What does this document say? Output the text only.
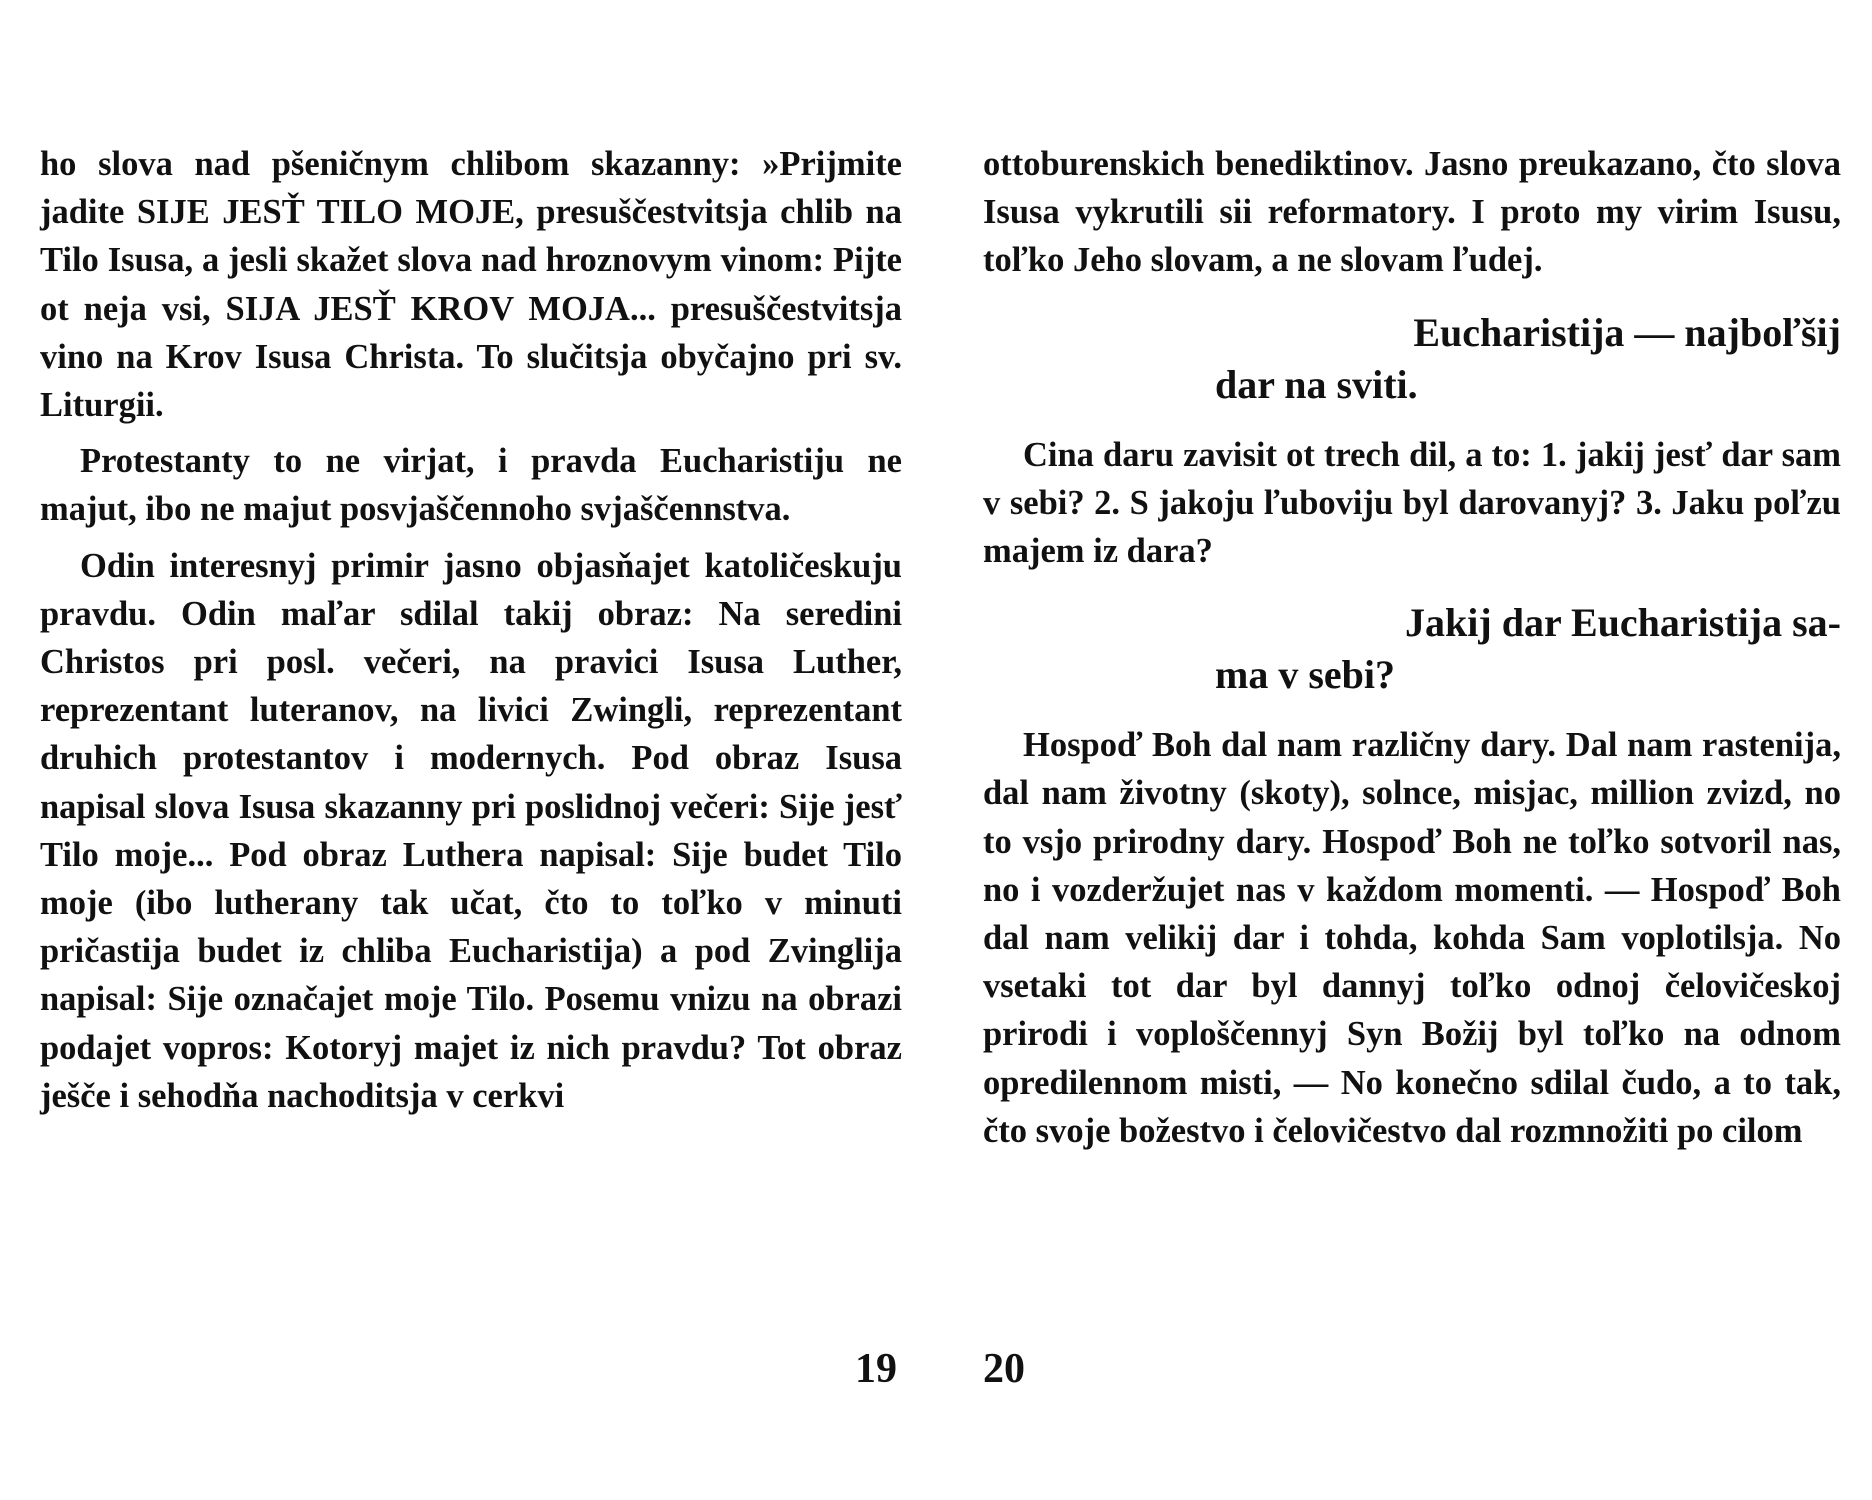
ho slova nad pšeničnym chlibom skazanny: »Prijmite jadite SIJE JESŤ TILO MOJE, presuščestvitsja chlib na Tilo Isusa, a jesli skažet slova nad hroznovym vinom: Pijte ot neja vsi, SIJA JESŤ KROV MOJA... presuščestvitsja vino na Krov Isusa Christa. To slučitsja obyčajno pri sv. Liturgii.

Protestanty to ne virjat, i pravda Eucharistiju ne majut, ibo ne majut posvjaščennoho svjaščennstva.

Odin interesnyj primir jasno objasňajet katoličeskuju pravdu. Odin maľar sdilal takij obraz: Na seredini Christos pri posl. večeri, na pravici Isusa Luther, reprezentant luteranov, na livici Zwingli, reprezentant druhich protestantov i modernych. Pod obraz Isusa napisal slova Isusa skazanny pri poslidnoj večeri: Sije jesť Tilo moje... Pod obraz Luthera napisal: Sije budet Tilo moje (ibo lutherany tak učat, čto to toľko v minuti pričastija budet iz chliba Eucharistija) a pod Zvinglija napisal: Sije označajet moje Tilo. Posemu vnizu na obrazi podajet vopros: Kotoryj majet iz nich pravdu? Tot obraz ješče i sehodňa nachoditsja v cerkvi

ottoburenskich benediktinov. Jasno preukazano, čto slova Isusa vykrutili sii reformatory. I proto my virim Isusu, toľko Jeho slovam, a ne slovam ľudej.

Eucharistija — najboľšij
dar na sviti.

Cina daru zavisit ot trech dil, a to: 1. jakij jesť dar sam v sebi? 2. S jakoju ľuboviju byl darovanyj? 3. Jaku poľzu majem iz dara?

Jakij dar Eucharistija sa-
ma v sebi?

Hospoď Boh dal nam različny dary. Dal nam rastenija, dal nam životny (skoty), solnce, misjac, million zvizd, no to vsjo prirodny dary. Hospoď Boh ne toľko sotvoril nas, no i vozderžujet nas v každom momenti. — Hospoď Boh dal nam velikij dar i tohda, kohda Sam voplotilsja. No vsetaki tot dar byl dannyj toľko odnoj čelovičeskoj prirodi i voploščennyj Syn Božij byl toľko na odnom opredilennom misti, — No konečno sdilal čudo, a to tak, čto svoje božestvo i čelovičestvo dal rozmnožiti po cilom

19 20
